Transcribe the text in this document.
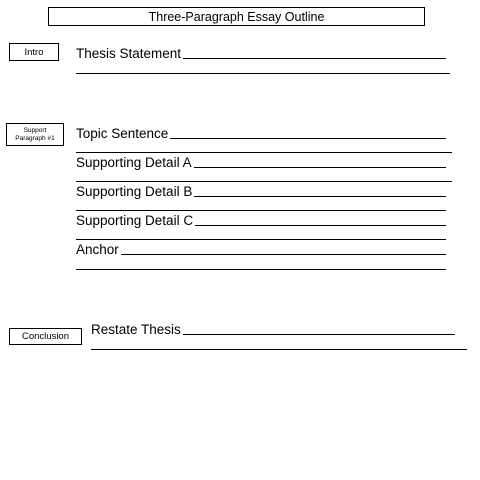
Three-Paragraph Essay Outline
Intro	Thesis Statement
Support
Paragraph #1 Topic Sentence
Supporting Detail A
Supporting Detail B
Supporting Detail C
Anchor
Conclusion	Restate Thesis
